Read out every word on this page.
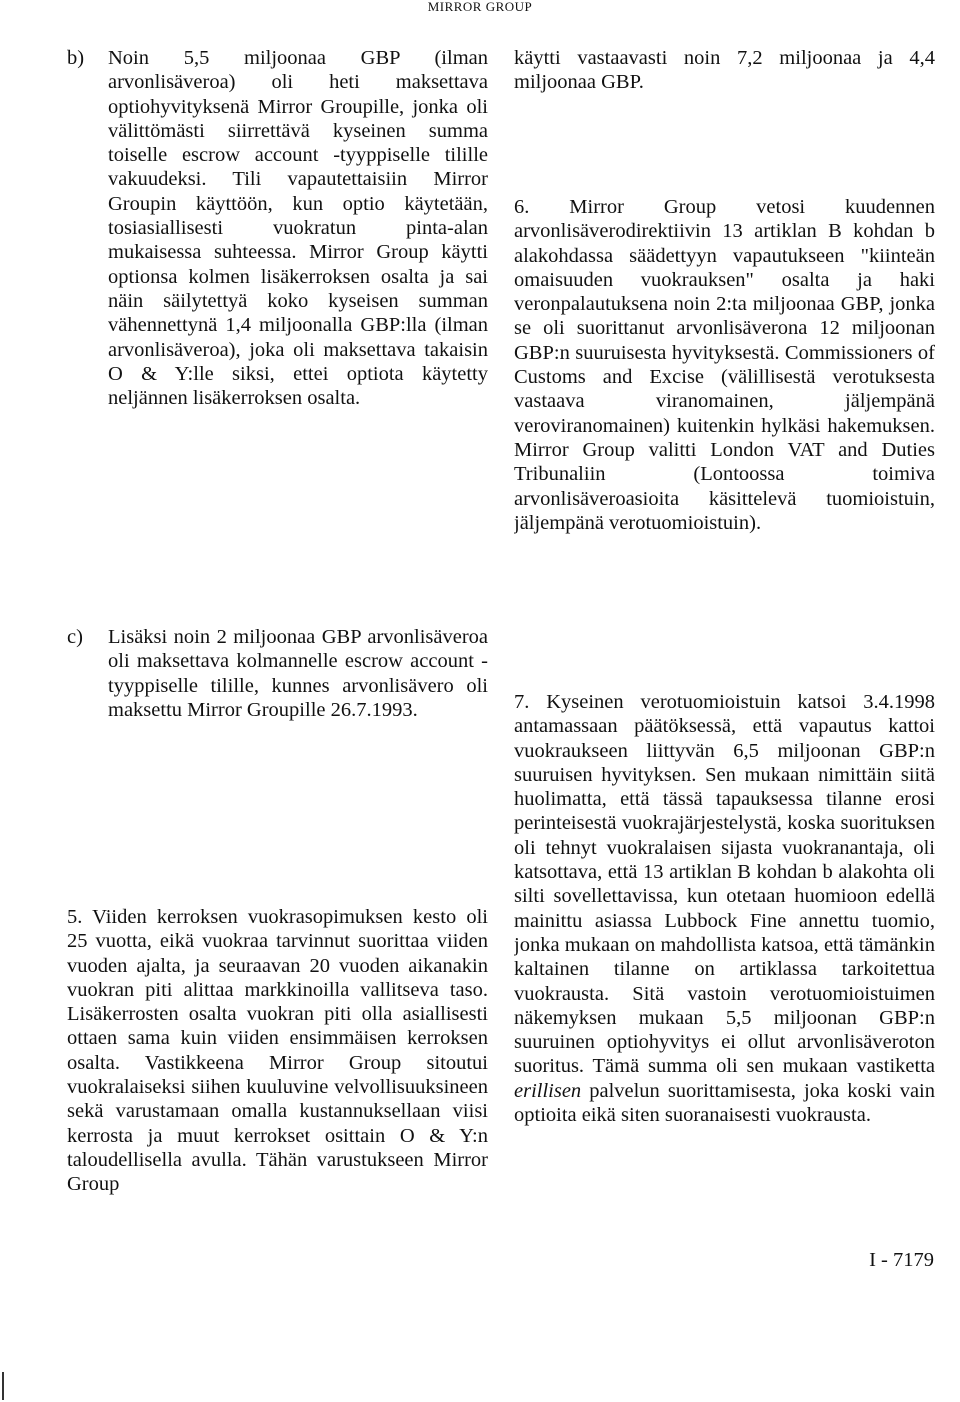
MIRROR GROUP
b) Noin 5,5 miljoonaa GBP (ilman arvonlisäveroa) oli heti maksettava optiohyvityksenä Mirror Groupille, jonka oli välittömästi siirrettävä kyseinen summa toiselle escrow account -tyyppiselle tilille vakuudeksi. Tili vapautettaisiin Mirror Groupin käyttöön, kun optio käytetään, tosiasiallisesti vuokratun pinta-alan mukaisessa suhteessa. Mirror Group käytti optionsa kolmen lisäkerroksen osalta ja sai näin säilytettyä koko kyseisen summan vähennettynä 1,4 miljoonalla GBP:lla (ilman arvonlisäveroa), joka oli maksettava takaisin O & Y:lle siksi, ettei optiota käytetty neljännen lisäkerroksen osalta.
c) Lisäksi noin 2 miljoonaa GBP arvonlisäveroa oli maksettava kolmannelle escrow account -tyyppiselle tilille, kunnes arvonlisävero oli maksettu Mirror Groupille 26.7.1993.
5. Viiden kerroksen vuokrasopimuksen kesto oli 25 vuotta, eikä vuokraa tarvinnut suorittaa viiden vuoden ajalta, ja seuraavan 20 vuoden aikanakin vuokran piti alittaa markkinoilla vallitseva taso. Lisäkerrosten osalta vuokran piti olla asiallisesti ottaen sama kuin viiden ensimmäisen kerroksen osalta. Vastikkeena Mirror Group sitoutui vuokralaiseksi siihen kuuluvine velvollisuuksineen sekä varustamaan omalla kustannuksellaan viisi kerrosta ja muut kerrokset osittain O & Y:n taloudellisella avulla. Tähän varustukseen Mirror Group
käytti vastaavasti noin 7,2 miljoonaa ja 4,4 miljoonaa GBP.
6. Mirror Group vetosi kuudennen arvonlisäverodirektiivin 13 artiklan B kohdan b alakohdassa säädettyyn vapautukseen "kiinteän omaisuuden vuokrauksen" osalta ja haki veronpalautuksena noin 2:ta miljoonaa GBP, jonka se oli suorittanut arvonlisäverona 12 miljoonan GBP:n suuruisesta hyvityksestä. Commissioners of Customs and Excise (välillisestä verotuksesta vastaava viranomainen, jäljempänä veroviranomainen) kuitenkin hylkäsi hakemuksen. Mirror Group valitti London VAT and Duties Tribunaliin (Lontoossa toimiva arvonlisäveroasioita käsittelevä tuomioistuin, jäljempänä verotuomioistuin).
7. Kyseinen verotuomioistuin katsoi 3.4.1998 antamassaan päätöksessä, että vapautus kattoi vuokraukseen liittyvän 6,5 miljoonan GBP:n suuruisen hyvityksen. Sen mukaan nimittäin siitä huolimatta, että tässä tapauksessa tilanne erosi perinteisestä vuokrajärjestelystä, koska suorituksen oli tehnyt vuokralaisen sijasta vuokranantaja, oli katsottava, että 13 artiklan B kohdan b alakohta oli silti sovellettavissa, kun otetaan huomioon edellä mainittu asiassa Lubbock Fine annettu tuomio, jonka mukaan on mahdollista katsoa, että tämänkin kaltainen tilanne on artiklassa tarkoitettua vuokrausta. Sitä vastoin verotuomioistuimen näkemyksen mukaan 5,5 miljoonan GBP:n suuruinen optiohyvitys ei ollut arvonlisäveroton suoritus. Tämä summa oli sen mukaan vastiketta erillisen palvelun suorittamisesta, joka koski vain optioita eikä siten suoranaisesti vuokrausta.
I - 7179
